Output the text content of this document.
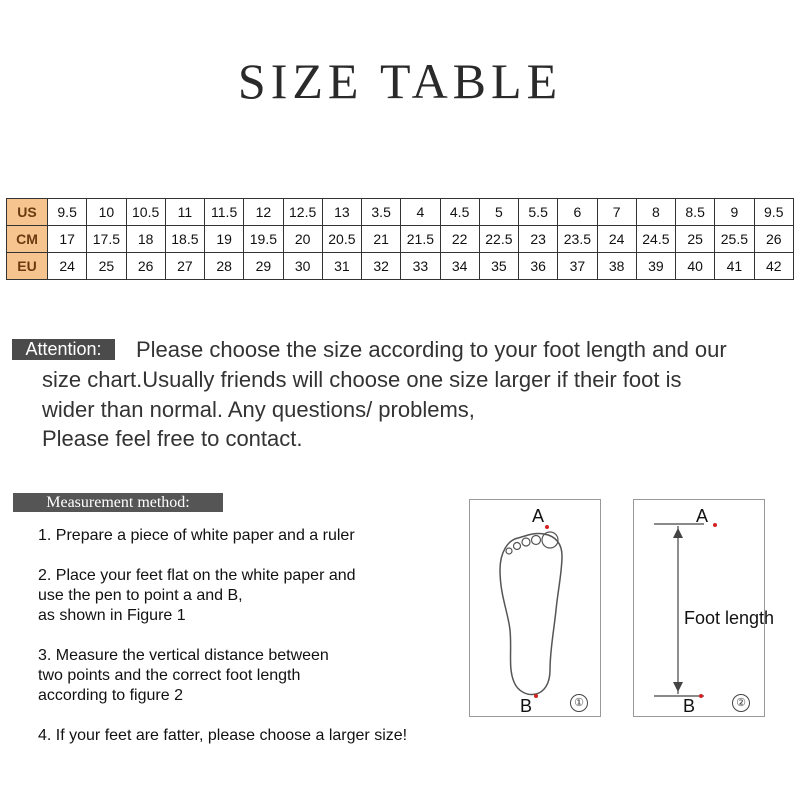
SIZE TABLE
US	9.5	10	10.5	11	11.5	12	12.5	13	3.5	4	4.5	5	5.5	6	7	8	8.5	9	9.5
CM	17	17.5	18	18.5	19	19.5	20	20.5	21	21.5	22	22.5	23	23.5	24	24.5	25	25.5	26
EU	24	25	26	27	28	29	30	31	32	33	34	35	36	37	38	39	40	41	42
Attention:	Please choose the size according to your foot length and our
size chart.Usually friends will choose one size larger if their foot is
wider than normal. Any questions/ problems,
Please feel free to contact.
Measurement method:
1. Prepare a piece of white paper and a ruler
2. Place your feet flat on the white paper and
use the pen to point a and B,
as shown in Figure 1
3. Measure the vertical distance between
two points and the correct foot length
according to figure 2
4. If your feet are fatter, please choose a larger size!
A
B	①
A
B
Foot length
②
